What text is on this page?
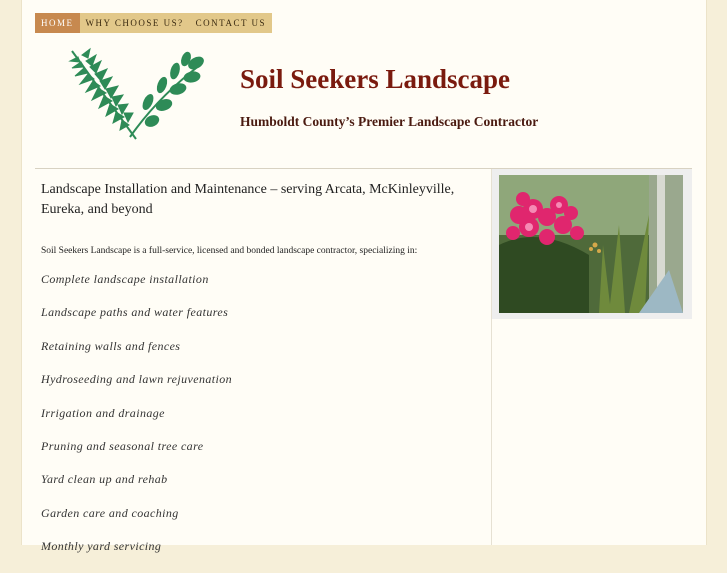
HOME	WHY CHOOSE US?	CONTACT US
Soil Seekers Landscape
Humboldt County’s Premier Landscape Contractor

Landscape Installation and Maintenance – serving Arcata, McKinleyville, Eureka, and beyond

Soil Seekers Landscape is a full-service, licensed and bonded landscape contractor, specializing in:

Complete landscape installation
Landscape paths and water features
Retaining walls and fences
Hydroseeding and lawn rejuvenation
Irrigation and drainage
Pruning and seasonal tree care
Yard clean up and rehab
Garden care and coaching
Monthly yard servicing
